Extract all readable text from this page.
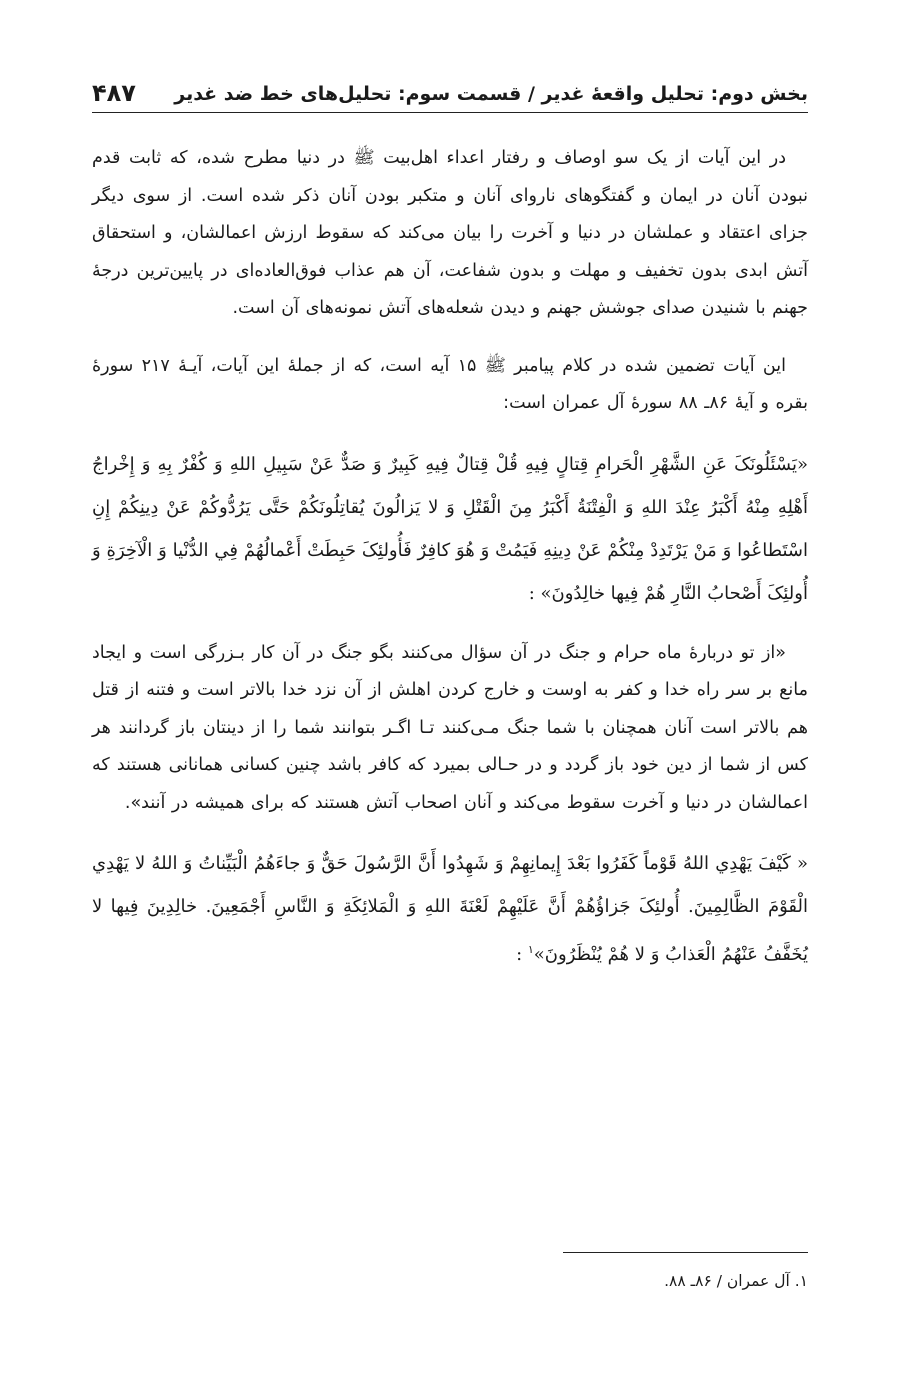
بخش دوم: تحلیل واقعهٔ غدیر / قسمت سوم: تحلیل‌های خط ضد غدیر
۴۸۷

در این آیات از یک سو اوصاف و رفتار اعداء اهل‌بیت ﷺ در دنیا مطرح شده، که ثابت قدم نبودن آنان در ایمان و گفتگوهای ناروای آنان و متکبر بودن آنان ذکر شده است. از سوی دیگر جزای اعتقاد و عملشان در دنیا و آخرت را بیان می‌کند که سقوط ارزش اعمالشان، و استحقاق آتش ابدی بدون تخفیف و مهلت و بدون شفاعت، آن هم عذاب فوق‌العاده‌ای در پایین‌ترین درجهٔ جهنم با شنیدن صدای جوشش جهنم و دیدن شعله‌های آتش نمونه‌های آن است.

این آیات تضمین شده در کلام پیامبر ﷺ ۱۵ آیه است، که از جملهٔ این آیات، آیـهٔ ۲۱۷ سورهٔ بقره و آیهٔ ۸۶ـ ۸۸ سورهٔ آل عمران است:

«يَسْئَلُونَکَ عَنِ الشَّهْرِ الْحَرامِ قِتالٍ فِيهِ قُلْ قِتالٌ فِيهِ کَبِيرٌ وَ صَدٌّ عَنْ سَبِيلِ اللهِ وَ کُفْرٌ بِهِ وَ إِخْراجُ أَهْلِهِ مِنْهُ أَکْبَرُ عِنْدَ اللهِ وَ الْفِتْنَةُ أَکْبَرُ مِنَ الْقَتْلِ وَ لا يَزالُونَ يُقاتِلُونَکُمْ حَتَّى يَرُدُّوکُمْ عَنْ دِينِکُمْ إِنِ اسْتَطاعُوا وَ مَنْ يَرْتَدِدْ مِنْکُمْ عَنْ دِينِهِ فَيَمُتْ وَ هُوَ کافِرٌ فَأُولئِکَ حَبِطَتْ أَعْمالُهُمْ فِي الدُّنْيا وَ الْآخِرَةِ وَ أُولئِکَ أَصْحابُ النَّارِ هُمْ فِيها خالِدُونَ» :

«از تو دربارهٔ ماه حرام و جنگ در آن سؤال می‌کنند بگو جنگ در آن کار بـزرگی است و ایجاد مانع بر سر راه خدا و کفر به اوست و خارج کردن اهلش از آن نزد خدا بالاتر است و فتنه از قتل هم بالاتر است آنان همچنان با شما جنگ مـی‌کنند تـا اگـر بتوانند شما را از دینتان باز گردانند هر کس از شما از دین خود باز گردد و در حـالی بمیرد که کافر باشد چنین کسانی همانانی هستند که اعمالشان در دنیا و آخرت سقوط می‌کند و آنان اصحاب آتش هستند که برای همیشه در آنند».

« کَيْفَ يَهْدِي اللهُ قَوْماً کَفَرُوا بَعْدَ إِيمانِهِمْ وَ شَهِدُوا أَنَّ الرَّسُولَ حَقٌّ وَ جاءَهُمُ الْبَيِّناتُ وَ اللهُ لا يَهْدِي الْقَوْمَ الظَّالِمِينَ. أُولئِکَ جَزاؤُهُمْ أَنَّ عَلَيْهِمْ لَعْنَةَ اللهِ وَ الْمَلائِکَةِ وَ النَّاسِ أَجْمَعِينَ. خالِدِينَ فِيها لا يُخَفَّفُ عَنْهُمُ الْعَذابُ وَ لا هُمْ يُنْظَرُونَ»$^۱$ :

۱. آل عمران / ۸۶ـ ۸۸.
